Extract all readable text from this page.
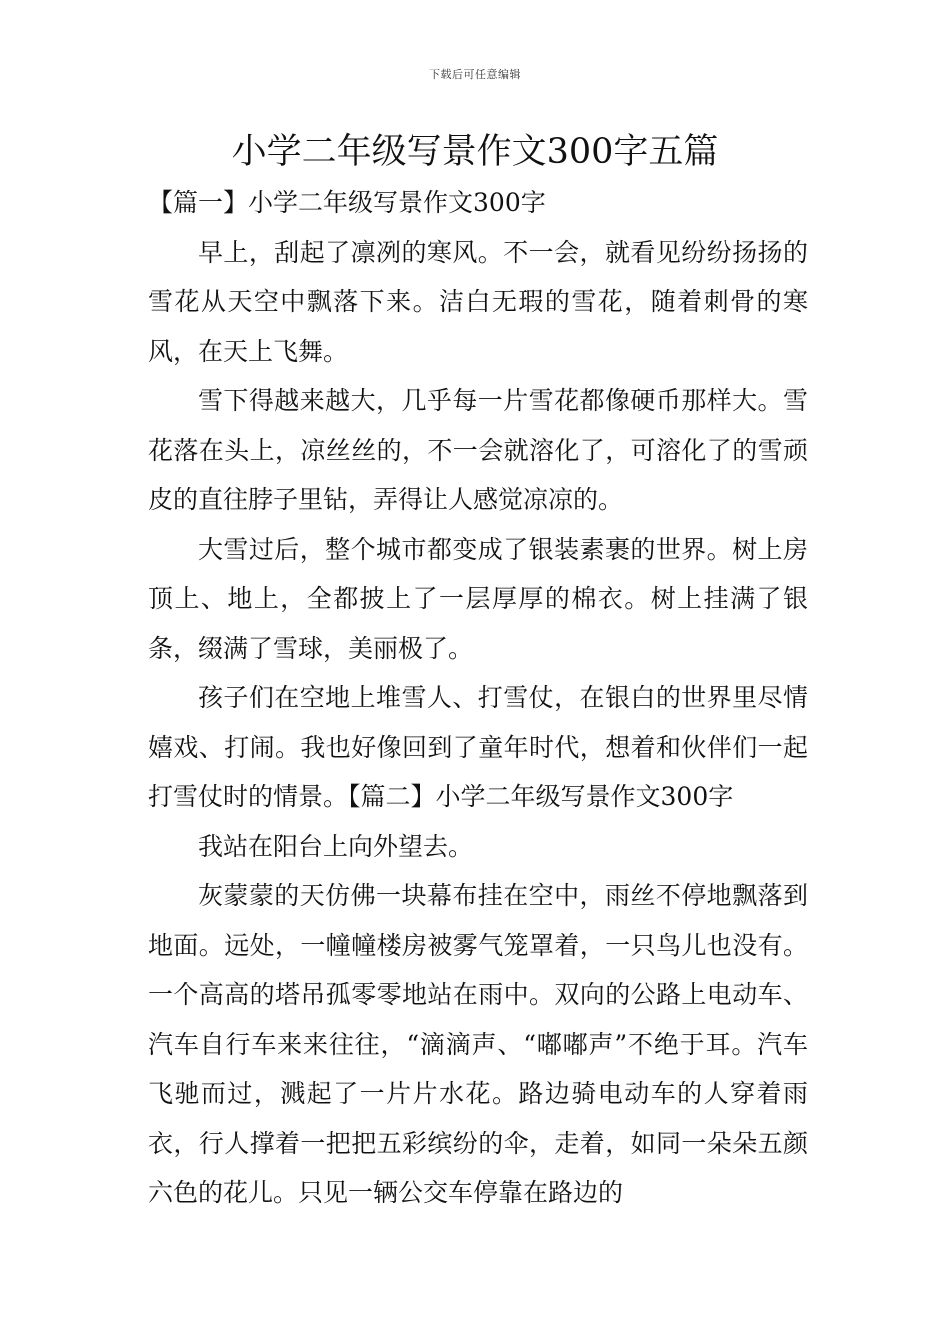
下载后可任意编辑
小学二年级写景作文300字五篇

【篇一】小学二年级写景作文300字

早上，刮起了凛冽的寒风。不一会，就看见纷纷扬扬的雪花从天空中飘落下来。洁白无瑕的雪花，随着刺骨的寒风，在天上飞舞。

雪下得越来越大，几乎每一片雪花都像硬币那样大。雪花落在头上，凉丝丝的，不一会就溶化了，可溶化了的雪顽皮的直往脖子里钻，弄得让人感觉凉凉的。

大雪过后，整个城市都变成了银装素裹的世界。树上房顶上、地上，全都披上了一层厚厚的棉衣。树上挂满了银条，缀满了雪球，美丽极了。

孩子们在空地上堆雪人、打雪仗，在银白的世界里尽情嬉戏、打闹。我也好像回到了童年时代，想着和伙伴们一起打雪仗时的情景。【篇二】小学二年级写景作文300字

我站在阳台上向外望去。

灰蒙蒙的天仿佛一块幕布挂在空中，雨丝不停地飘落到地面。远处，一幢幢楼房被雾气笼罩着，一只鸟儿也没有。一个高高的塔吊孤零零地站在雨中。双向的公路上电动车、汽车自行车来来往往，“滴滴声、“嘟嘟声”不绝于耳。汽车飞驰而过，溅起了一片片水花。路边骑电动车的人穿着雨衣，行人撑着一把把五彩缤纷的伞，走着，如同一朵朵五颜六色的花儿。只见一辆公交车停靠在路边的
